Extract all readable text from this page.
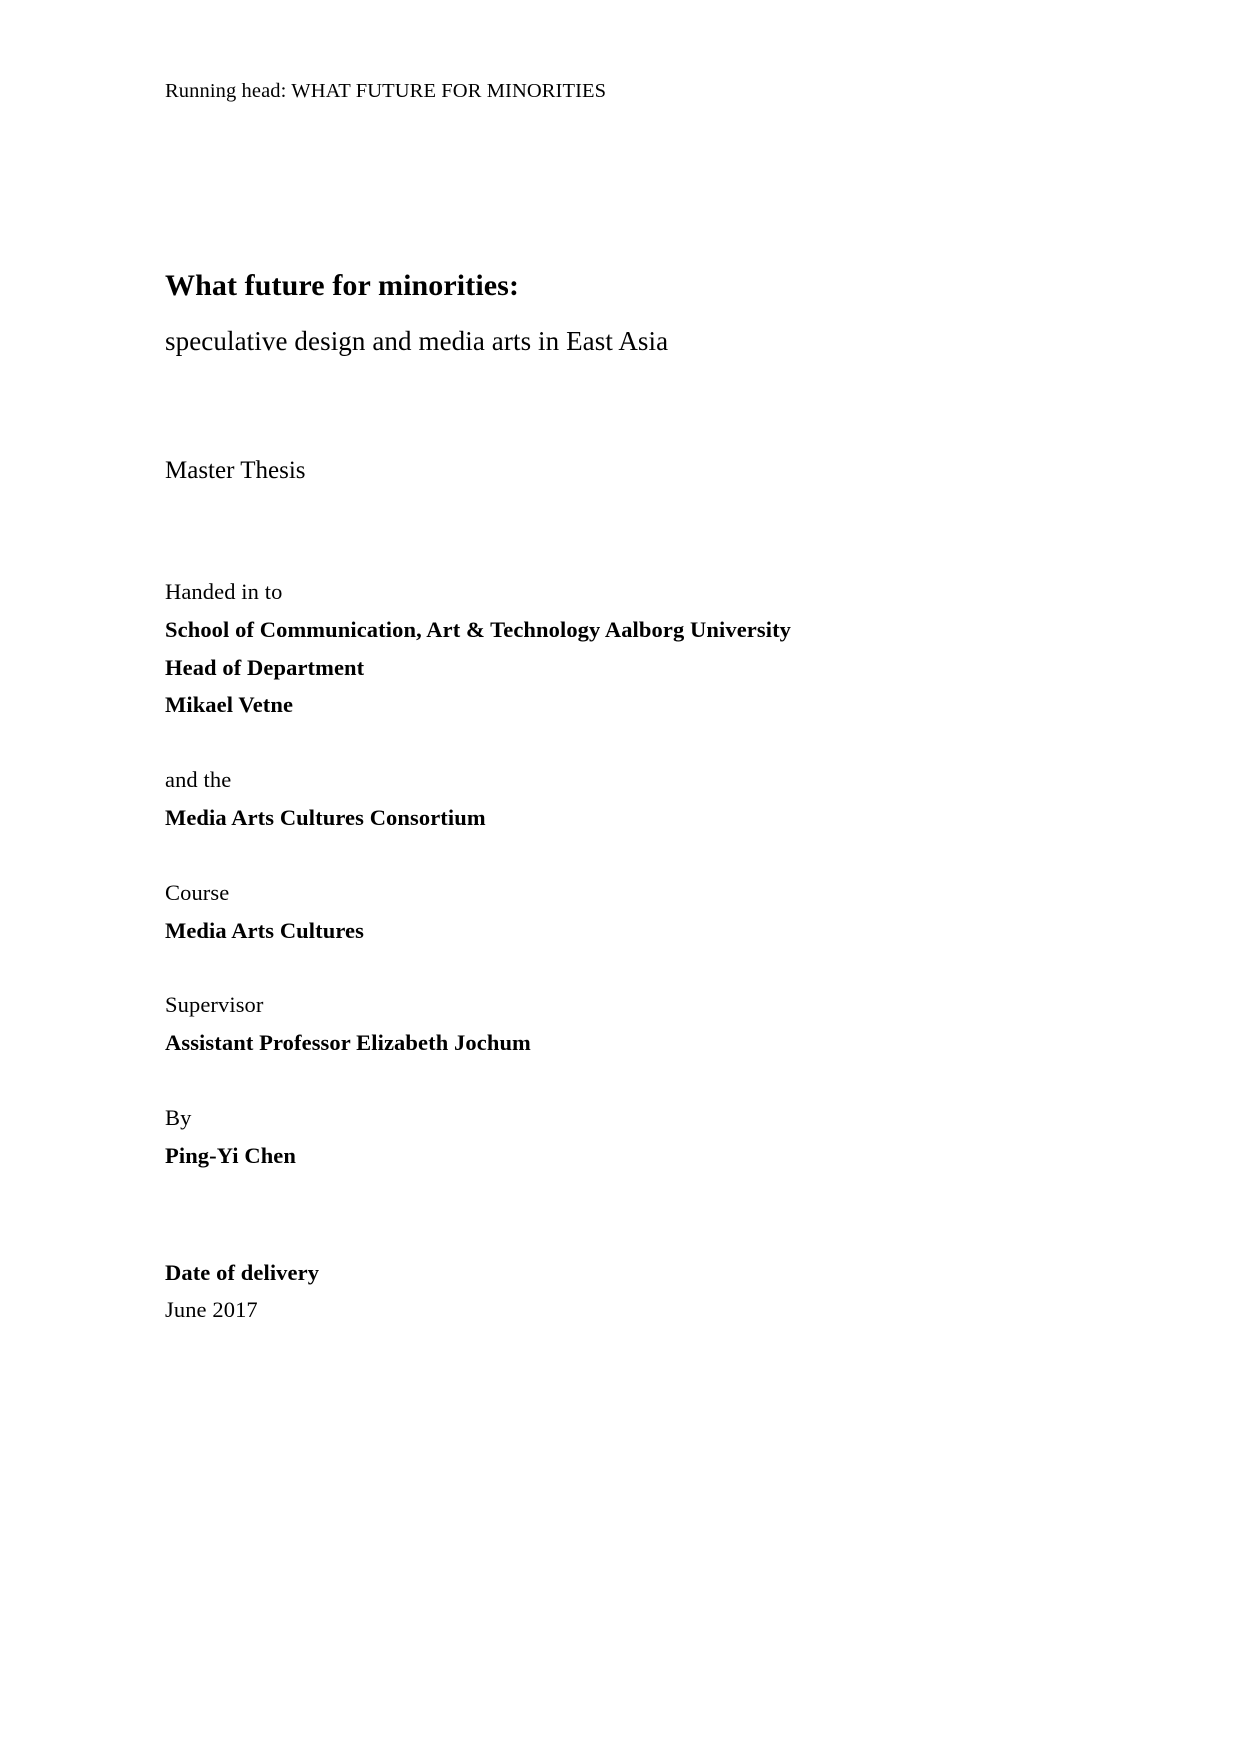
Running head: WHAT FUTURE FOR MINORITIES
What future for minorities:

speculative design and media arts in East Asia

Master Thesis
Handed in to
School of Communication, Art & Technology Aalborg University
Head of Department
Mikael Vetne
and the
Media Arts Cultures Consortium
Course
Media Arts Cultures
Supervisor
Assistant Professor Elizabeth Jochum
By
Ping-Yi Chen
Date of delivery
June 2017
